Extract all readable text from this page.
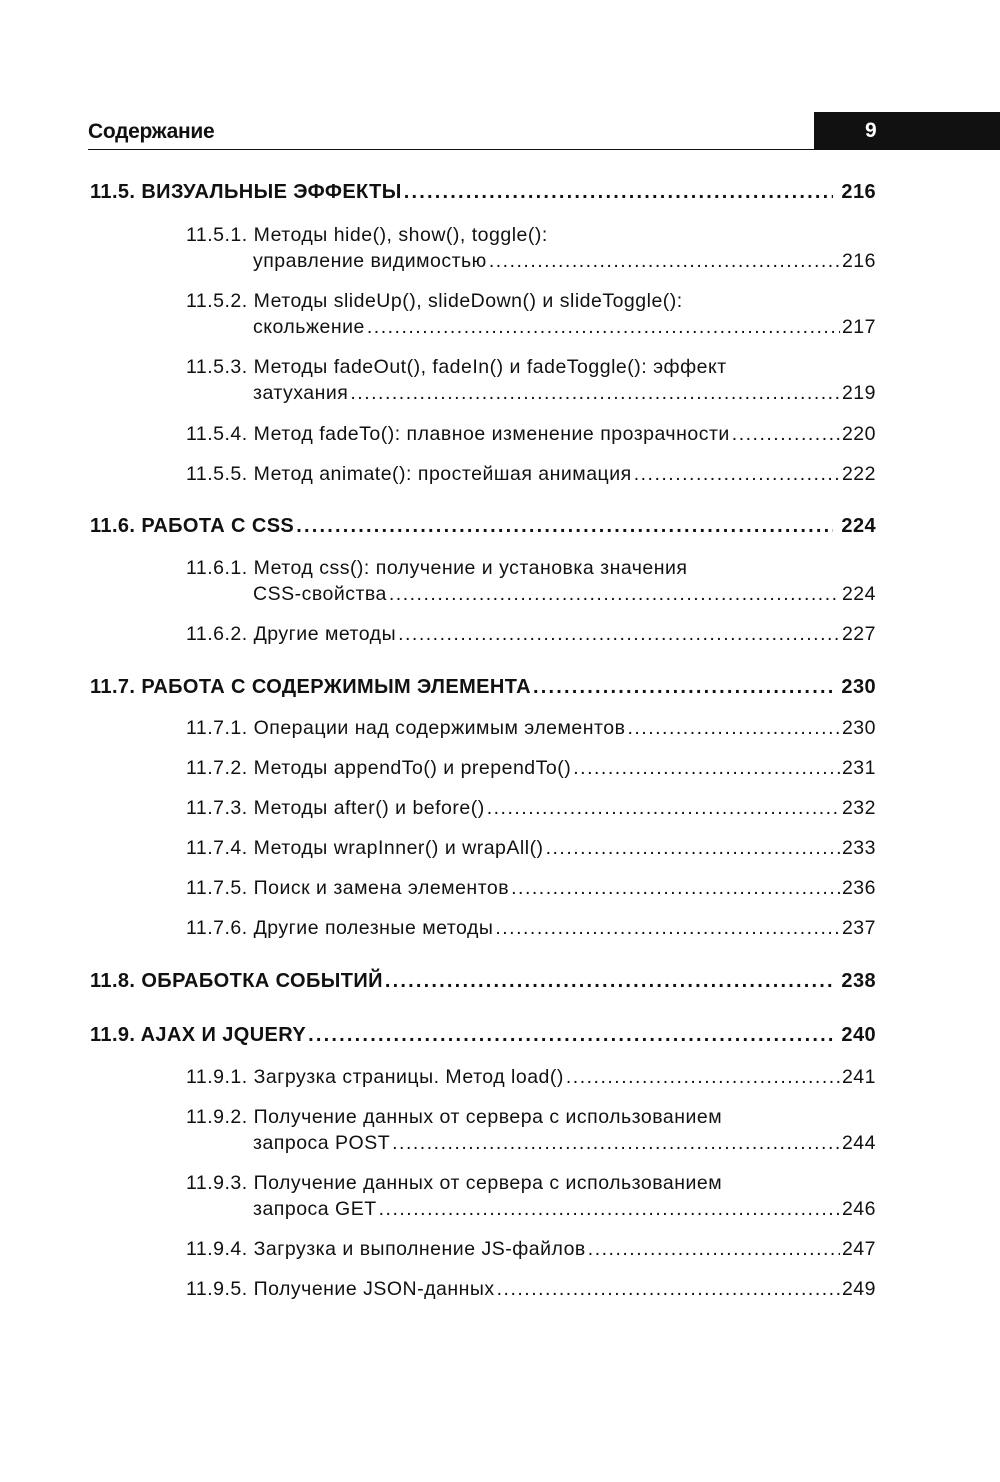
Содержание	9
11.5. ВИЗУАЛЬНЫЕ ЭФФЕКТЫ .....	216
11.5.1. Методы hide(), show(), toggle():
управление видимостью .....	216
11.5.2. Методы slideUp(), slideDown() и slideToggle():
скольжение .....	217
11.5.3. Методы fadeOut(), fadeIn() и fadeToggle(): эффект
затухания .....	219
11.5.4. Метод fadeTo(): плавное изменение прозрачности .....	220
11.5.5. Метод animate(): простейшая анимация .....	222
11.6. РАБОТА С CSS .....	224
11.6.1. Метод css(): получение и установка значения
CSS-свойства .....	224
11.6.2. Другие методы .....	227
11.7. РАБОТА С СОДЕРЖИМЫМ ЭЛЕМЕНТА .....	230
11.7.1. Операции над содержимым элементов .....	230
11.7.2. Методы appendTo() и prependTo() .....	231
11.7.3. Методы after() и before() .....	232
11.7.4. Методы wrapInner() и wrapAll() .....	233
11.7.5. Поиск и замена элементов .....	236
11.7.6. Другие полезные методы .....	237
11.8. ОБРАБОТКА СОБЫТИЙ .....	238
11.9. AJAX И JQUERY .....	240
11.9.1. Загрузка страницы. Метод load() .....	241
11.9.2. Получение данных от сервера с использованием
запроса POST .....	244
11.9.3. Получение данных от сервера с использованием
запроса GET .....	246
11.9.4. Загрузка и выполнение JS-файлов .....	247
11.9.5. Получение JSON-данных .....	249
